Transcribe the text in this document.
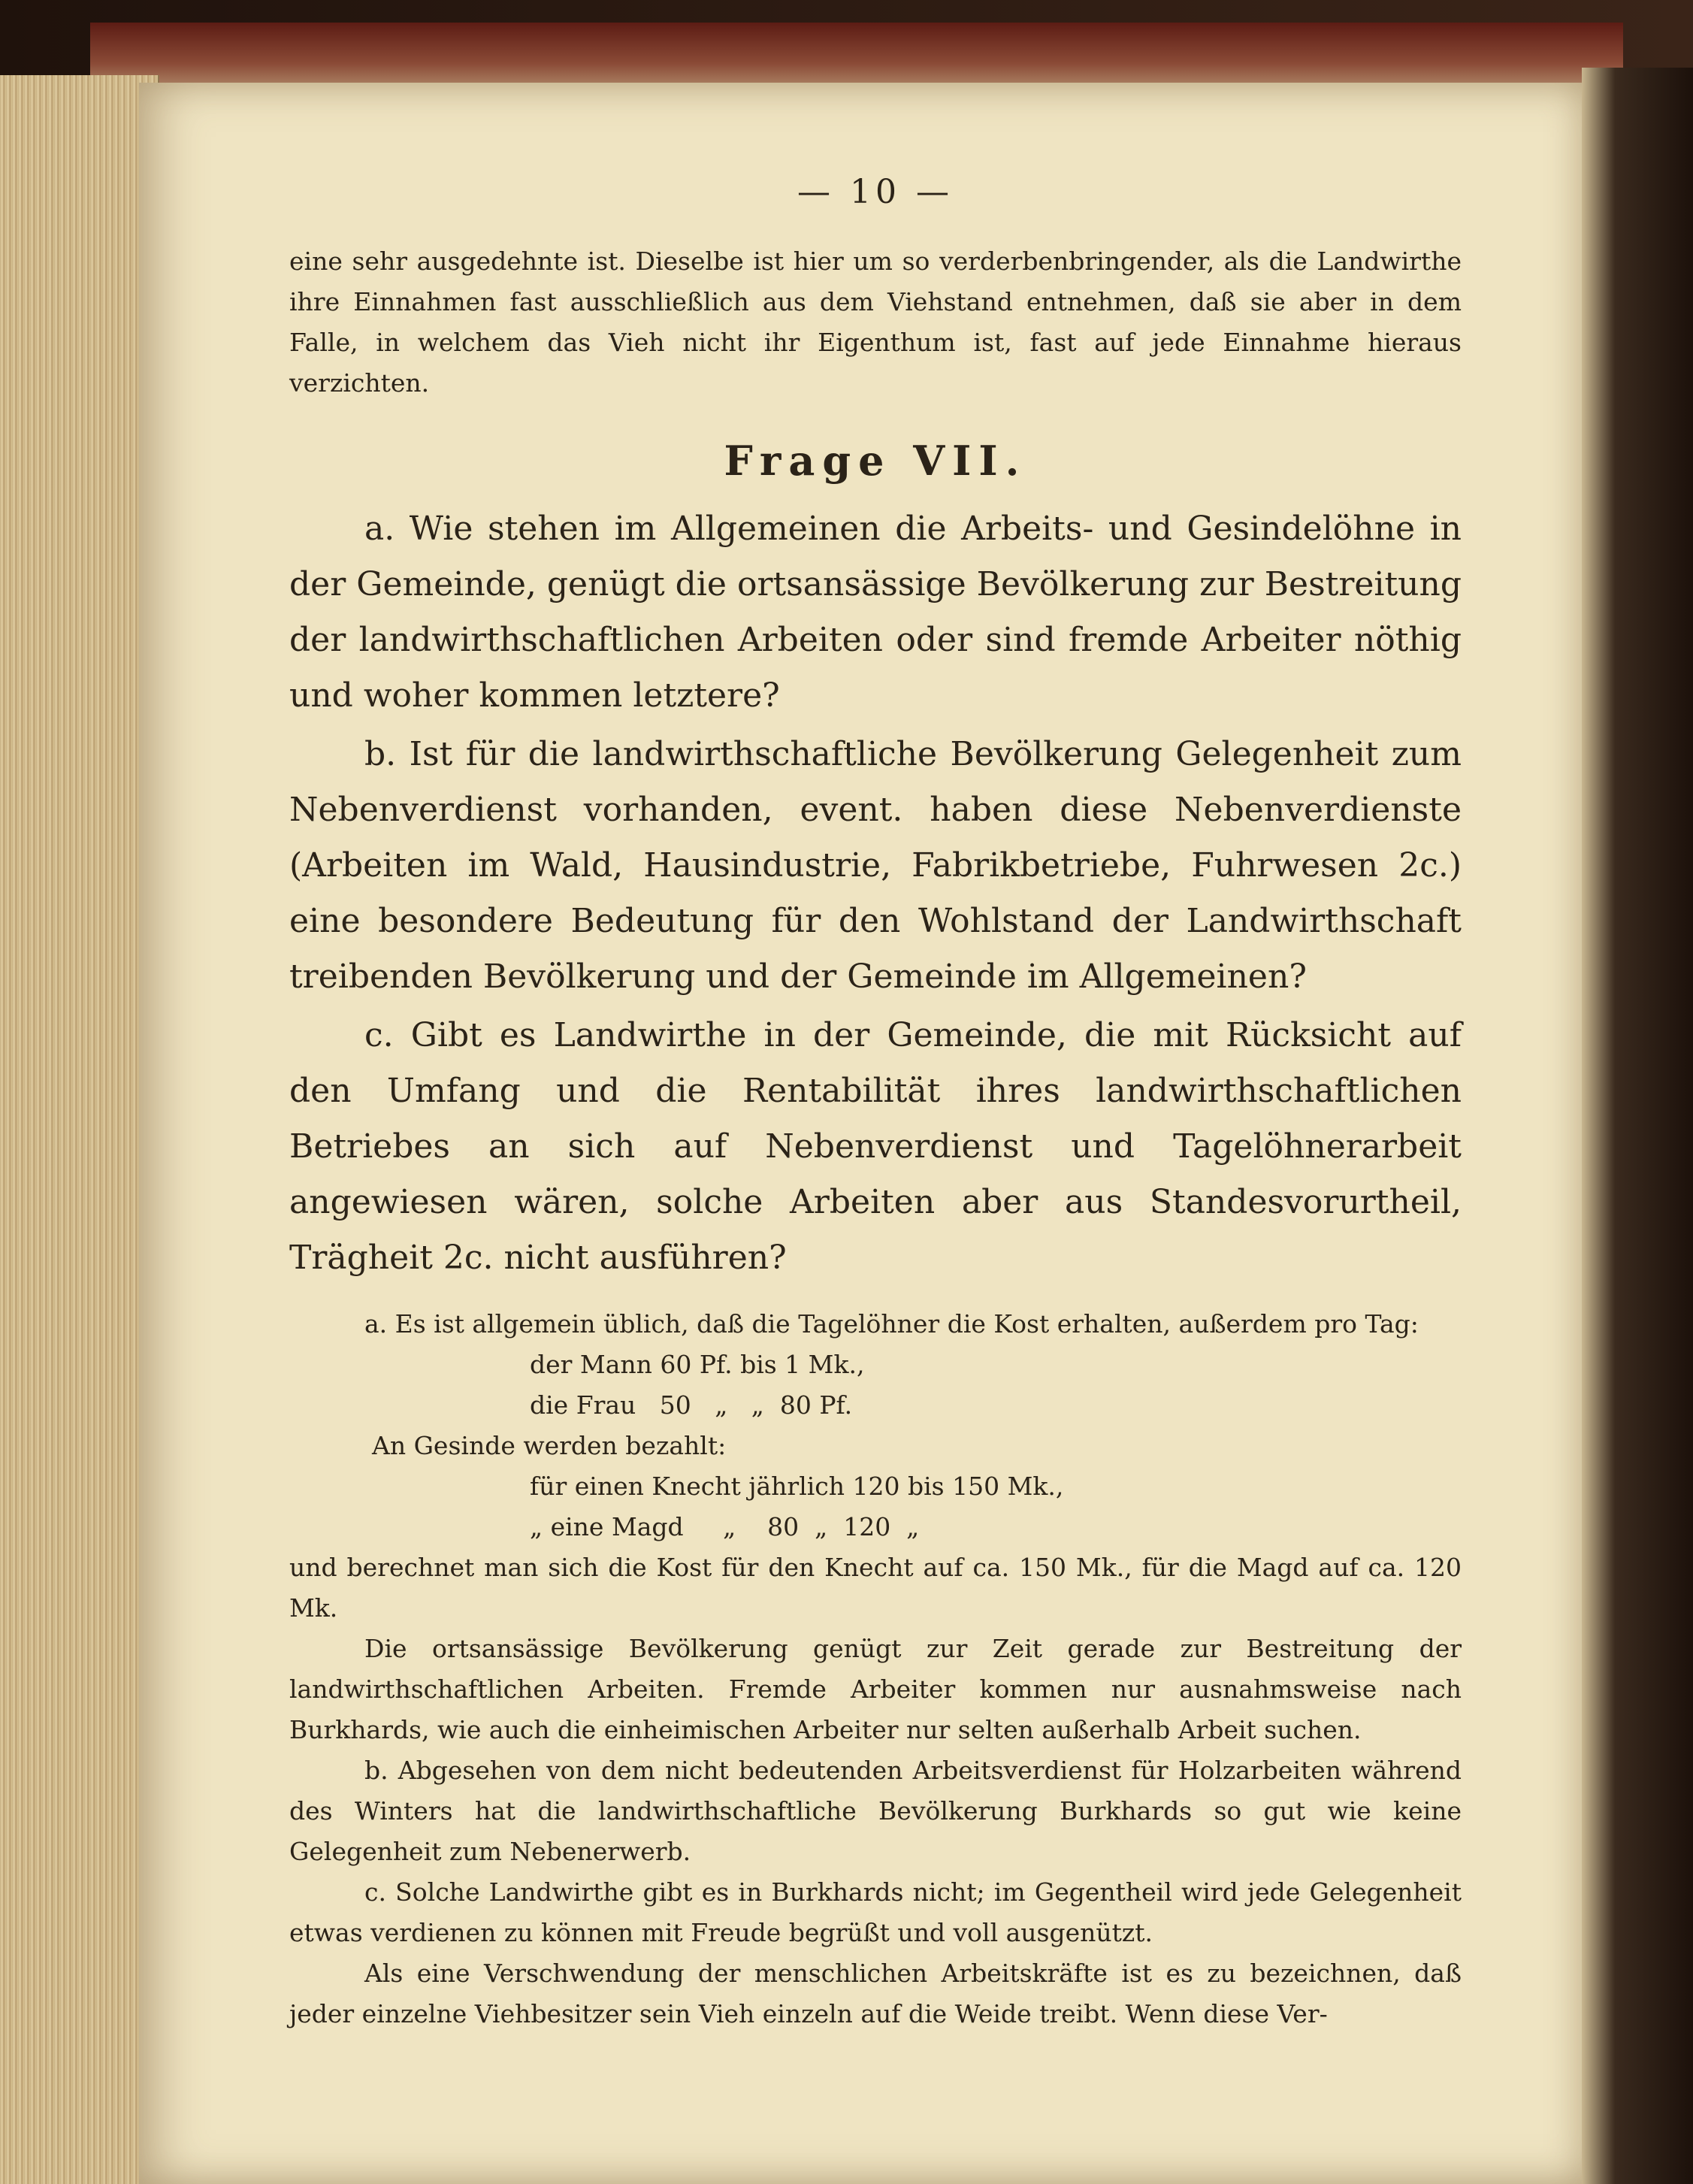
— 10 —

eine sehr ausgedehnte ist. Dieselbe ist hier um so verderbenbringender, als die Landwirthe ihre Einnahmen fast ausschließlich aus dem Viehstand entnehmen, daß sie aber in dem Falle, in welchem das Vieh nicht ihr Eigenthum ist, fast auf jede Einnahme hieraus verzichten.

Frage VII.

a. Wie stehen im Allgemeinen die Arbeits- und Gesindelöhne in der Gemeinde, genügt die ortsansässige Bevölkerung zur Bestreitung der landwirthschaftlichen Arbeiten oder sind fremde Arbeiter nöthig und woher kommen letztere?

b. Ist für die landwirthschaftliche Bevölkerung Gelegenheit zum Nebenverdienst vorhanden, event. haben diese Nebenverdienste (Arbeiten im Wald, Hausindustrie, Fabrikbetriebe, Fuhrwesen 2c.) eine besondere Bedeutung für den Wohlstand der Landwirthschaft treibenden Bevölkerung und der Gemeinde im Allgemeinen?

c. Gibt es Landwirthe in der Gemeinde, die mit Rücksicht auf den Umfang und die Rentabilität ihres landwirthschaftlichen Betriebes an sich auf Nebenverdienst und Tagelöhnerarbeit angewiesen wären, solche Arbeiten aber aus Standesvorurtheil, Trägheit 2c. nicht ausführen?

a. Es ist allgemein üblich, daß die Tagelöhner die Kost erhalten, außerdem pro Tag:

der Mann 60 Pf. bis 1 Mk.,
die Frau   50   „   „  80 Pf.
An Gesinde werden bezahlt:
für einen Knecht jährlich 120 bis 150 Mk.,
„ eine Magd     „    80  „  120  „

und berechnet man sich die Kost für den Knecht auf ca. 150 Mk., für die Magd auf ca. 120 Mk.

Die ortsansässige Bevölkerung genügt zur Zeit gerade zur Bestreitung der landwirthschaftlichen Arbeiten. Fremde Arbeiter kommen nur ausnahmsweise nach Burkhards, wie auch die einheimischen Arbeiter nur selten außerhalb Arbeit suchen.

b. Abgesehen von dem nicht bedeutenden Arbeitsverdienst für Holzarbeiten während des Winters hat die landwirthschaftliche Bevölkerung Burkhards so gut wie keine Gelegenheit zum Nebenerwerb.

c. Solche Landwirthe gibt es in Burkhards nicht; im Gegentheil wird jede Gelegenheit etwas verdienen zu können mit Freude begrüßt und voll ausgenützt.

Als eine Verschwendung der menschlichen Arbeitskräfte ist es zu bezeichnen, daß jeder einzelne Viehbesitzer sein Vieh einzeln auf die Weide treibt. Wenn diese Ver-
